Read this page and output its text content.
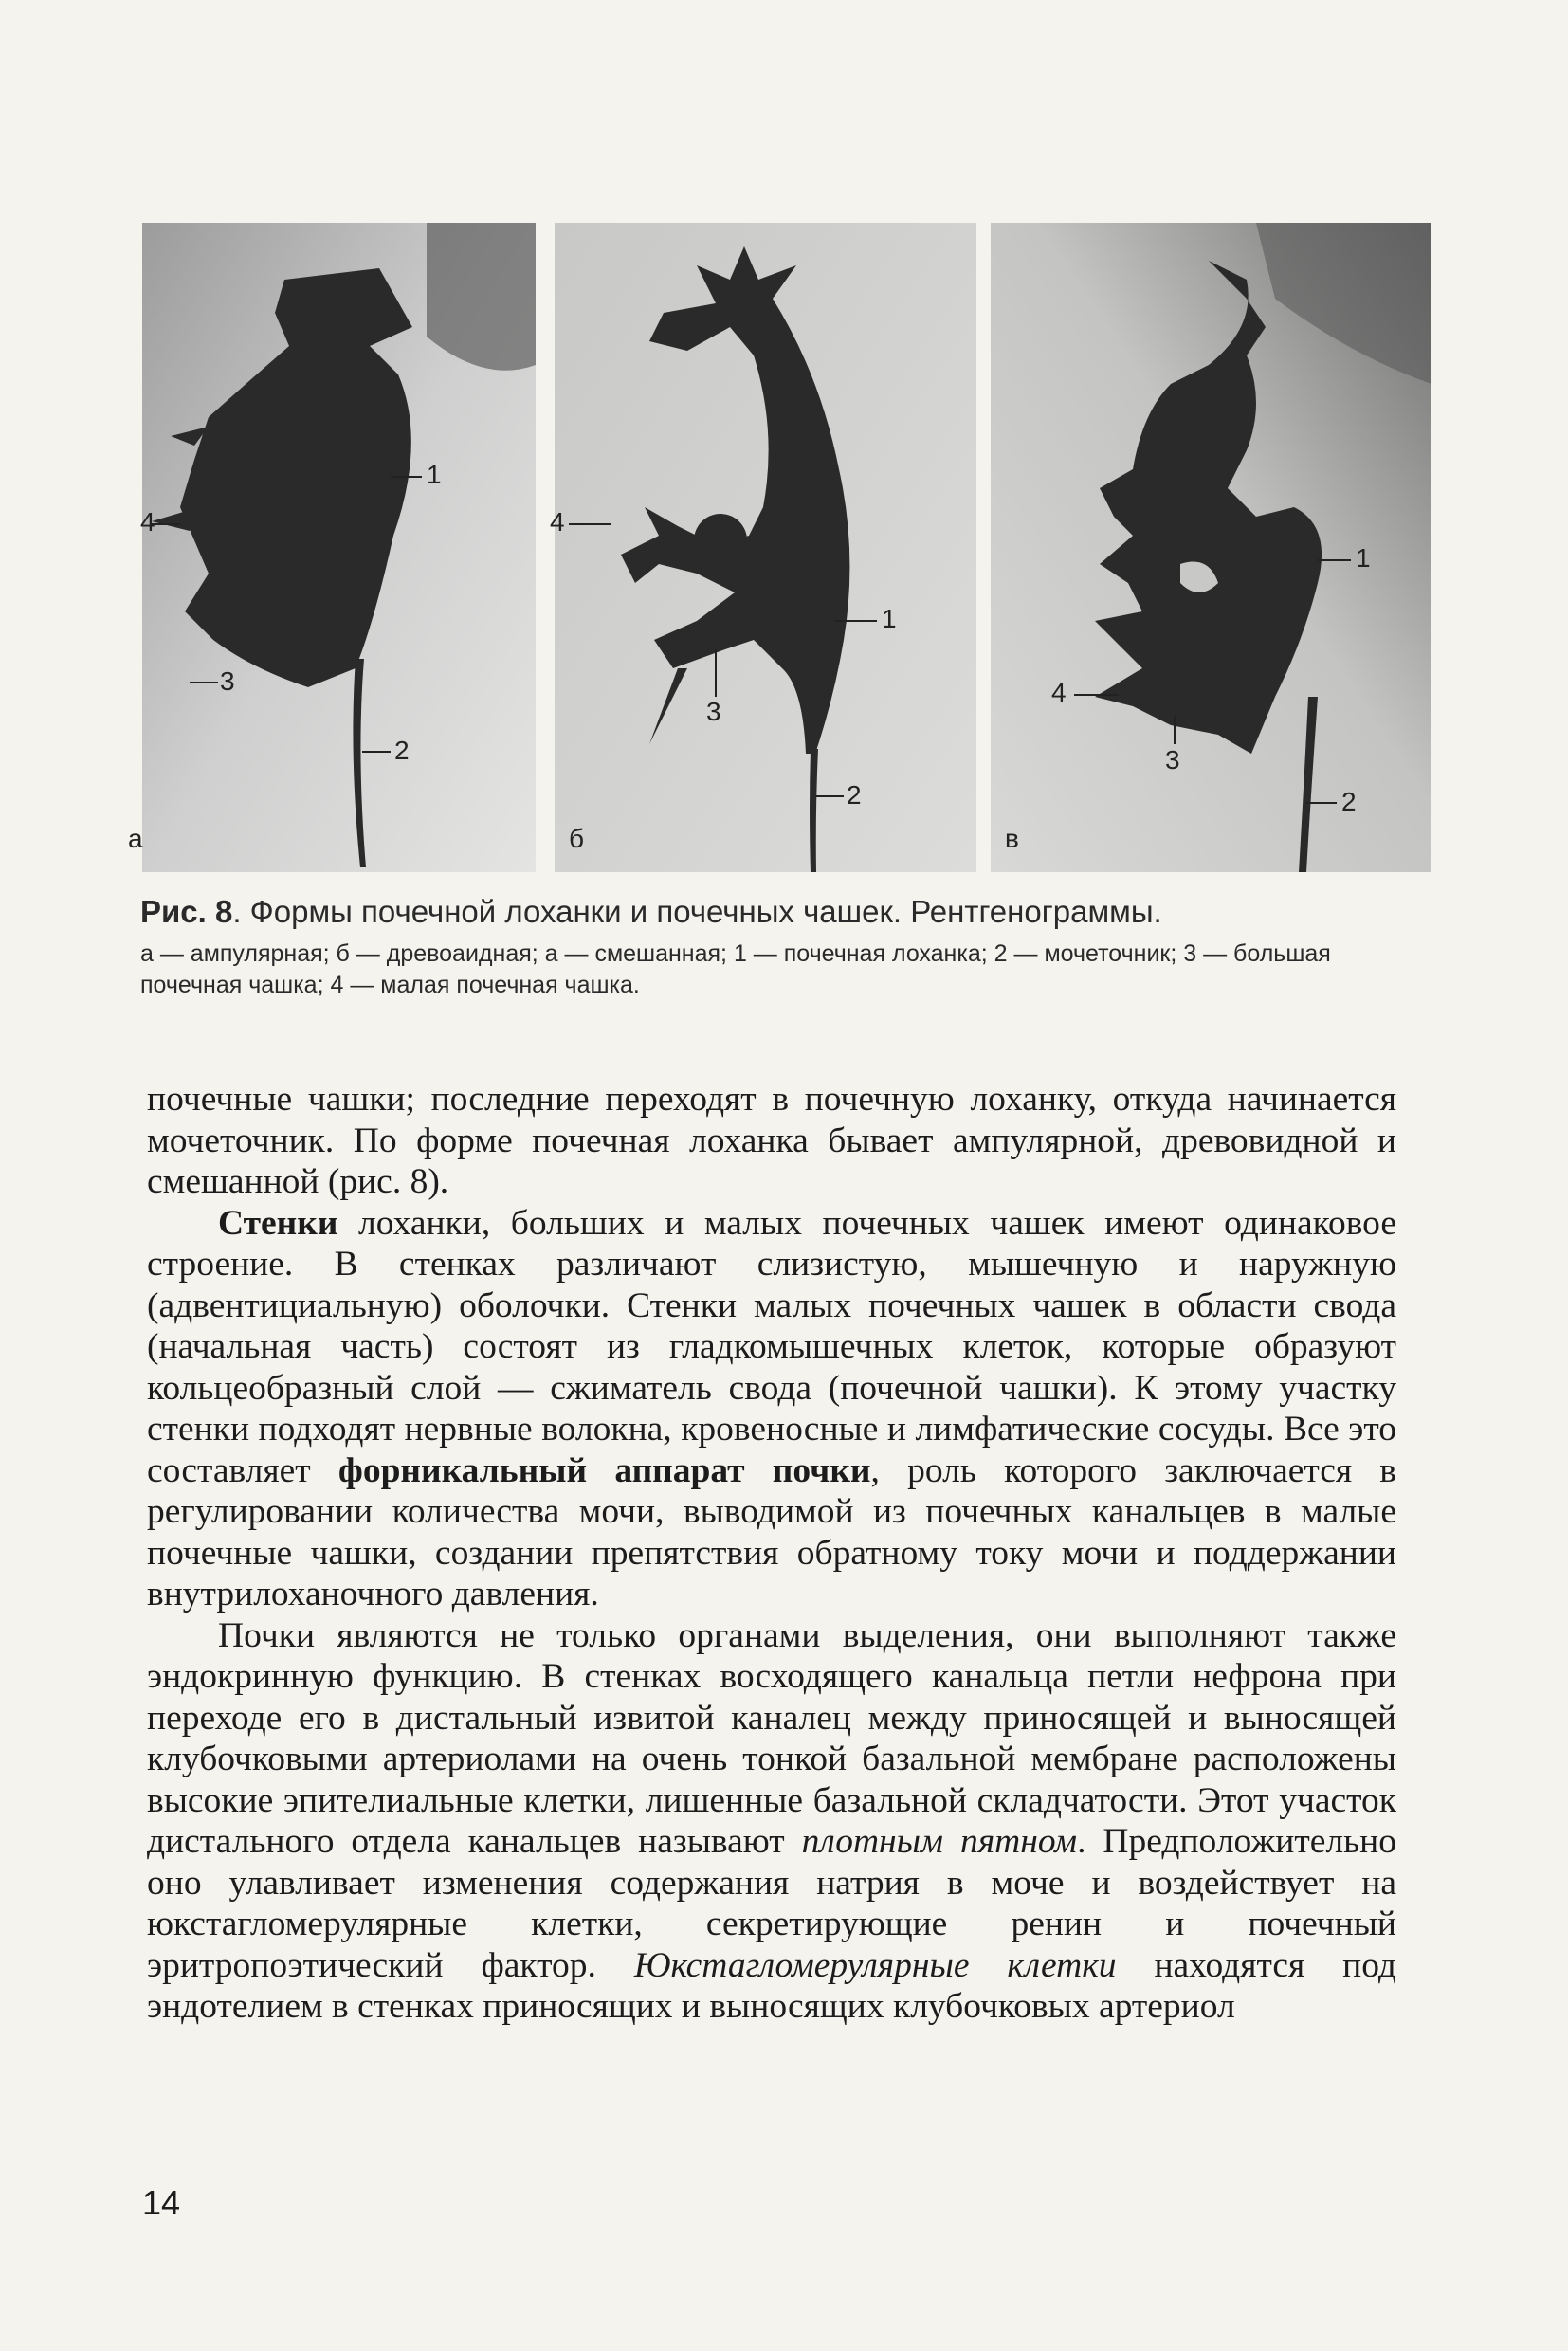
1
4
3
2
а
4
1
3
2
б
1
4
3
2
в
Рис. 8. Формы почечной лоханки и почечных чашек. Рентгенограммы.
а — ампулярная; б — древоаидная; а — смешанная; 1 — почечная лоханка; 2 — мочеточник; 3 — большая почечная чашка; 4 — малая почечная чашка.

почечные чашки; последние переходят в почечную лоханку, откуда начинается мочеточник. По форме почечная лоханка бывает ампулярной, древовидной и смешанной (рис. 8).

Стенки лоханки, больших и малых почечных чашек имеют одинаковое строение. В стенках различают слизистую, мышечную и наружную (адвентициальную) оболочки. Стенки малых почечных чашек в области свода (начальная часть) состоят из гладкомышечных клеток, которые образуют кольцеобразный слой — сжиматель свода (почечной чашки). К этому участку стенки подходят нервные волокна, кровеносные и лимфатические сосуды. Все это составляет форникальный аппарат почки, роль которого заключается в регулировании количества мочи, выводимой из почечных канальцев в малые почечные чашки, создании препятствия обратному току мочи и поддержании внутрилоханочного давления.

Почки являются не только органами выделения, они выполняют также эндокринную функцию. В стенках восходящего канальца петли нефрона при переходе его в дистальный извитой каналец между приносящей и выносящей клубочковыми артериолами на очень тонкой базальной мембране расположены высокие эпителиальные клетки, лишенные базальной складчатости. Этот участок дистального отдела канальцев называют плотным пятном. Предположительно оно улавливает изменения содержания натрия в моче и воздействует на юкстагломерулярные клетки, секретирующие ренин и почечный эритропоэтический фактор. Юкстагломерулярные клетки находятся под эндотелием в стенках приносящих и выносящих клубочковых артериол

14
